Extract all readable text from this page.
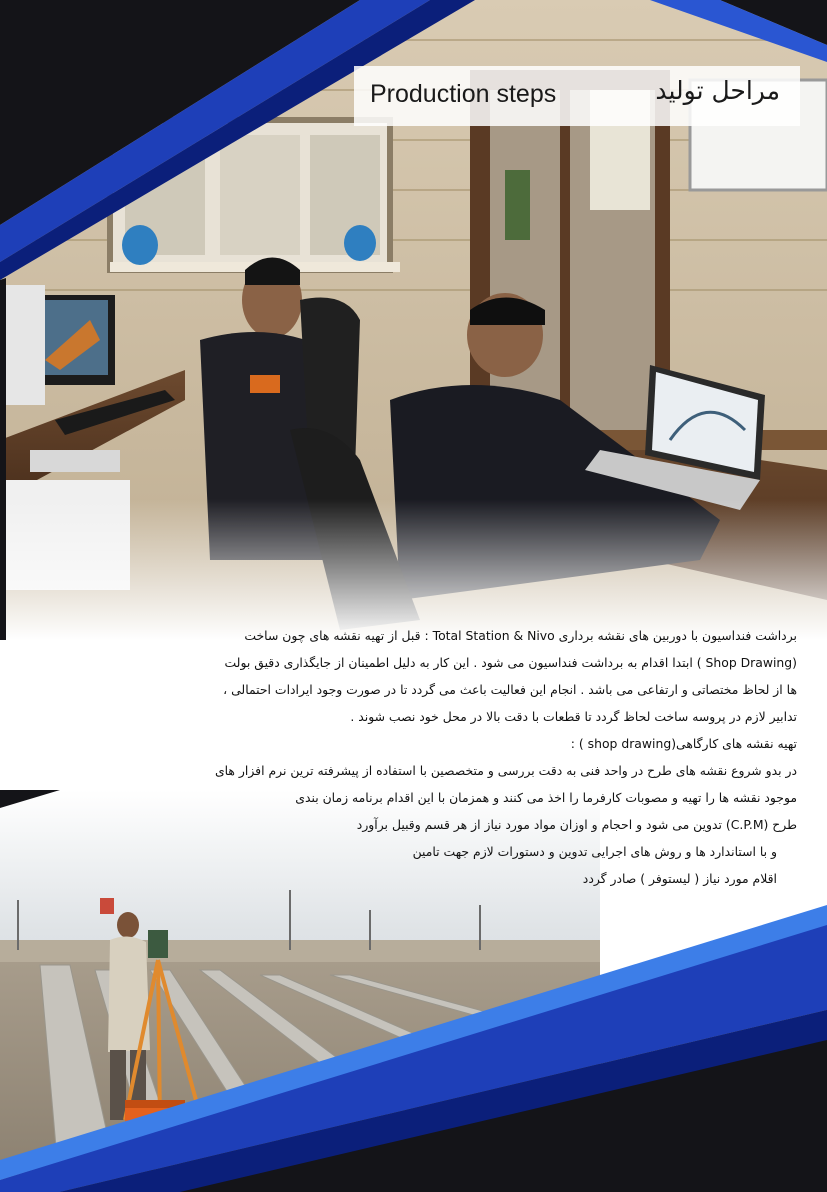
Production steps	مراحل تولید

برداشت فنداسیون با دوربین های نقشه برداری Total Station & Nivo : قبل از تهیه نقشه های چون ساخت

(Shop Drawing ) ابتدا اقدام به برداشت فنداسیون می شود . این کار به دلیل اطمینان از جایگذاری دقیق بولت

ها از لحاظ مختصاتی و ارتفاعی می باشد . انجام این فعالیت باعث می گردد تا در صورت وجود ایرادات احتمالی ،

تدابیر لازم در پروسه ساخت لحاظ گردد تا قطعات با دقت بالا در محل خود نصب شوند .

تهیه نقشه های کارگاهی(shop drawing ) :

در بدو شروع نقشه های طرح در واحد فنی به دقت بررسی و متخصصین با استفاده از پیشرفته ترین نرم افزار های

موجود نقشه ها را تهیه و مصوبات کارفرما را اخذ می کنند و همزمان با این اقدام برنامه زمان بندی

طرح (C.P.M) تدوین می شود و احجام و اوزان مواد مورد نیاز از هر قسم وقبیل برآورد

و با استاندارد ها و روش های اجرایی تدوین و دستورات لازم جهت تامین

اقلام مورد نیاز ( لیستوفر ) صادر گردد
